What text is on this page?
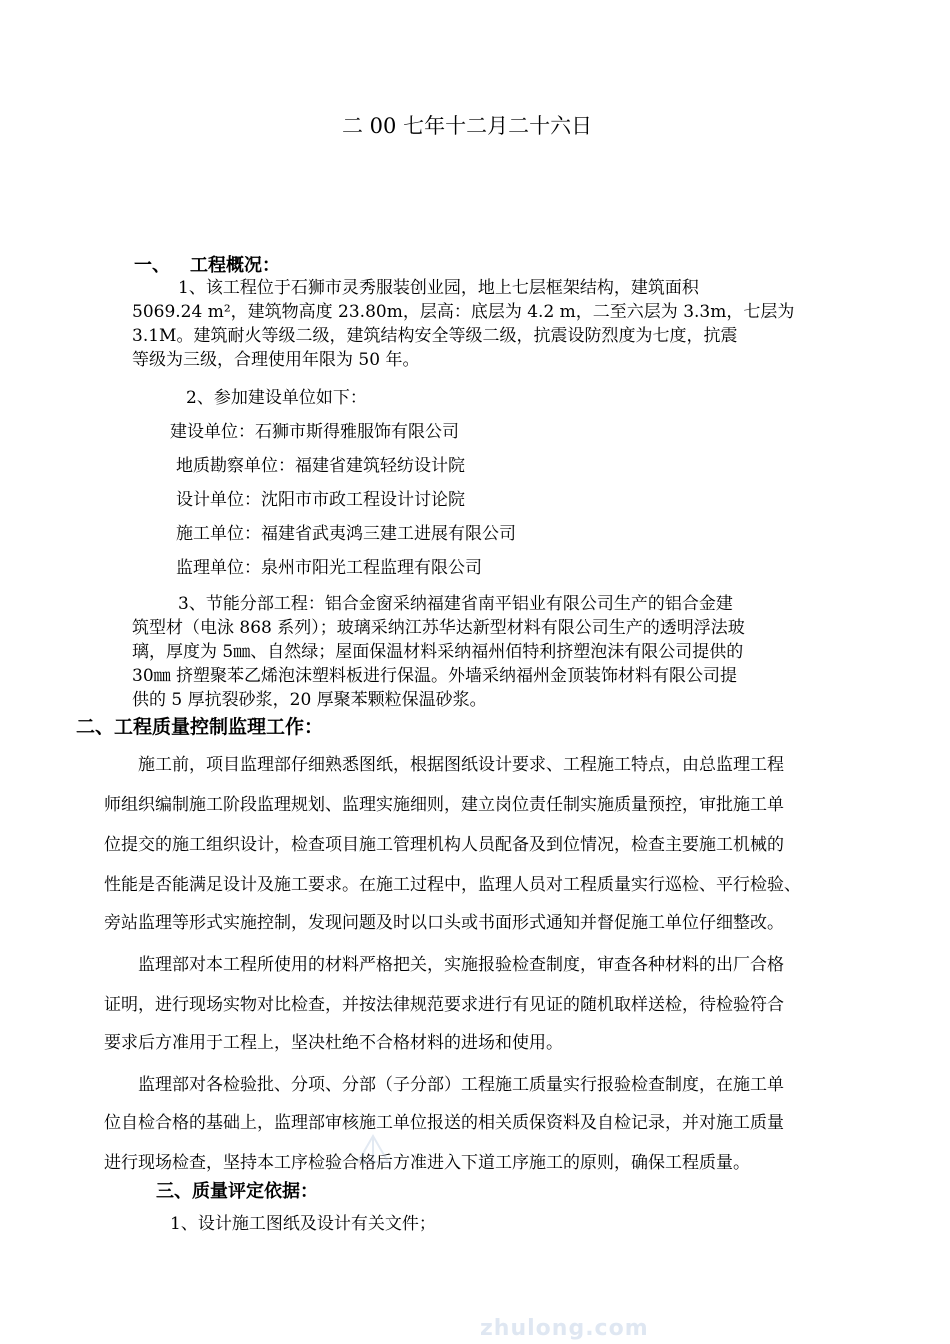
二 00 七年十二月二十六日
一、 工程概况：
1、该工程位于石狮市灵秀服装创业园，地上七层框架结构，建筑面积
5069.24 m²，建筑物高度 23.80m，层高：底层为 4.2 m，二至六层为 3.3m，七层为
3.1M。建筑耐火等级二级，建筑结构安全等级二级，抗震设防烈度为七度，抗震
等级为三级，合理使用年限为 50 年。
2、参加建设单位如下：
建设单位：石狮市斯得雅服饰有限公司
地质勘察单位：福建省建筑轻纺设计院
设计单位：沈阳市市政工程设计讨论院
施工单位：福建省武夷鸿三建工进展有限公司
监理单位：泉州市阳光工程监理有限公司
3、节能分部工程：铝合金窗采纳福建省南平铝业有限公司生产的铝合金建
筑型材（电泳 868 系列）；玻璃采纳江苏华达新型材料有限公司生产的透明浮法玻
璃，厚度为 5㎜、自然绿；屋面保温材料采纳福州佰特利挤塑泡沫有限公司提供的
30㎜ 挤塑聚苯乙烯泡沫塑料板进行保温。外墙采纳福州金顶装饰材料有限公司提
供的 5 厚抗裂砂浆，20 厚聚苯颗粒保温砂浆。
二、工程质量控制监理工作：
施工前，项目监理部仔细熟悉图纸，根据图纸设计要求、工程施工特点，由总监理工程
师组织编制施工阶段监理规划、监理实施细则，建立岗位责任制实施质量预控，审批施工单
位提交的施工组织设计，检查项目施工管理机构人员配备及到位情况，检查主要施工机械的
性能是否能满足设计及施工要求。在施工过程中，监理人员对工程质量实行巡检、平行检验、
旁站监理等形式实施控制，发现问题及时以口头或书面形式通知并督促施工单位仔细整改。
监理部对本工程所使用的材料严格把关，实施报验检查制度，审查各种材料的出厂合格
证明，进行现场实物对比检查，并按法律规范要求进行有见证的随机取样送检，待检验符合
要求后方准用于工程上，坚决杜绝不合格材料的进场和使用。
监理部对各检验批、分项、分部（子分部）工程施工质量实行报验检查制度，在施工单
位自检合格的基础上，监理部审核施工单位报送的相关质保资料及自检记录，并对施工质量
进行现场检查，坚持本工序检验合格后方准进入下道工序施工的原则，确保工程质量。
三、质量评定依据：
1、设计施工图纸及设计有关文件；
zhulong.com
